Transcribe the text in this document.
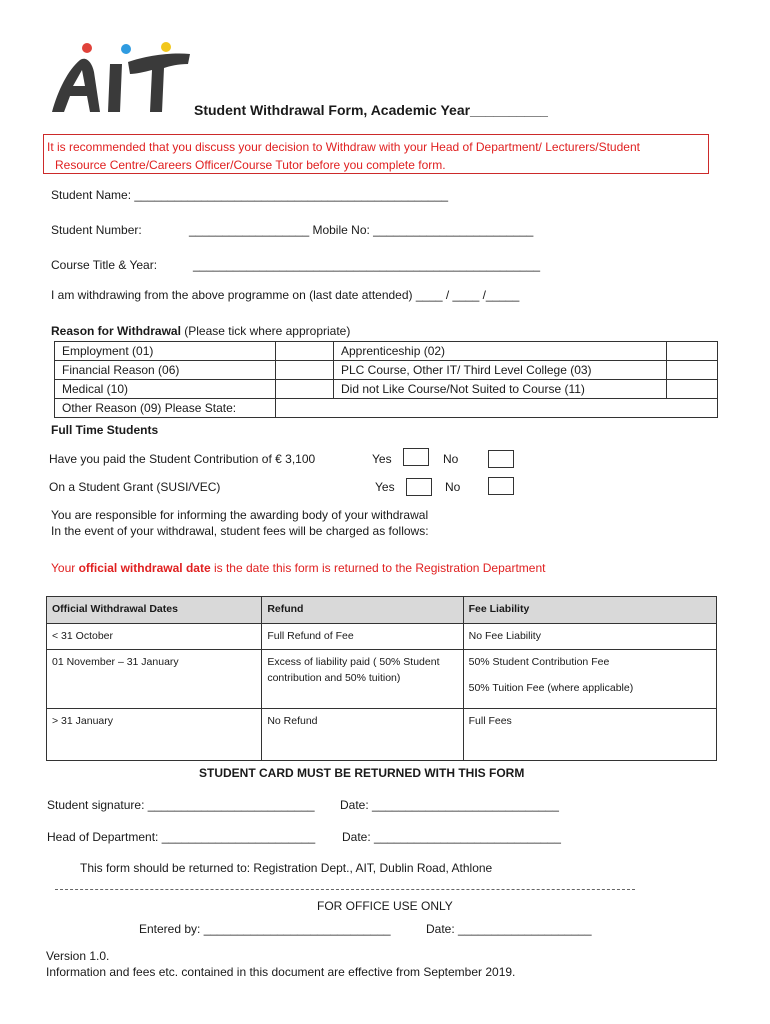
Student Withdrawal Form, Academic Year__________
It is recommended that you discuss your decision to Withdraw with your Head of Department/ Lecturers/Student
Resource Centre/Careers Officer/Course Tutor before you complete form.
Student Name: _______________________________________________
Student Number:	__________________ Mobile No: ________________________
Course Title & Year:	____________________________________________________
I am withdrawing from the above programme on (last date attended) ____ / ____ /_____
Reason for Withdrawal (Please tick where appropriate)
Employment (01)		Apprenticeship (02)	
Financial Reason (06)		PLC Course, Other IT/ Third Level College (03)	
Medical (10)		Did not Like Course/Not Suited to Course (11)	
Other Reason (09) Please State:			
Full Time Students
Have you paid the Student Contribution of € 3,100	Yes	No
On a Student Grant (SUSI/VEC)	Yes	No
You are responsible for informing the awarding body of your withdrawal
In the event of your withdrawal, student fees will be charged as follows:
Your official withdrawal date is the date this form is returned to the Registration Department
Official Withdrawal Dates	Refund	Fee Liability
< 31 October	Full Refund of Fee	No Fee Liability
01 November – 31 January	Excess of liability paid ( 50% Student contribution and 50% tuition)	50% Student Contribution Fee
50% Tuition Fee (where applicable)

> 31 January	No Refund	Full Fees
STUDENT CARD MUST BE RETURNED WITH THIS FORM
Student signature: _________________________ Date: ____________________________
Head of Department: _______________________ Date: ____________________________
This form should be returned to: Registration Dept., AIT, Dublin Road, Athlone
FOR OFFICE USE ONLY
Entered by: ____________________________	Date: ____________________
Version 1.0.
Information and fees etc. contained in this document are effective from September 2019.
